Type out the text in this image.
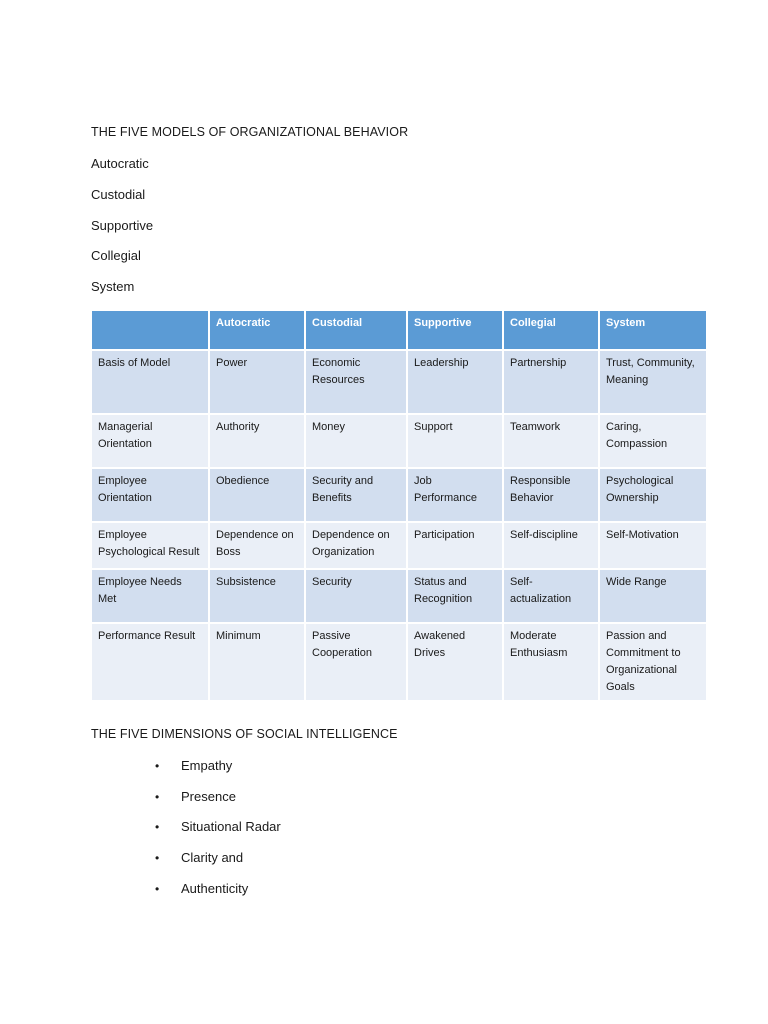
THE FIVE MODELS OF ORGANIZATIONAL BEHAVIOR
Autocratic
Custodial
Supportive
Collegial
System
	Autocratic	Custodial	Supportive	Collegial	System
Basis of Model	Power	Economic Resources	Leadership	Partnership	Trust, Community, Meaning
Managerial Orientation	Authority	Money	Support	Teamwork	Caring, Compassion
Employee Orientation	Obedience	Security and Benefits	Job Performance	Responsible Behavior	Psychological Ownership
Employee Psychological Result	Dependence on Boss	Dependence on Organization	Participation	Self-discipline	Self-Motivation
Employee Needs Met	Subsistence	Security	Status and Recognition	Self-actualization	Wide Range
Performance Result	Minimum	Passive Cooperation	Awakened Drives	Moderate Enthusiasm	Passion and Commitment to Organizational Goals
THE FIVE DIMENSIONS OF SOCIAL INTELLIGENCE
•	Empathy
•	Presence
•	Situational Radar
•	Clarity and
•	Authenticity
